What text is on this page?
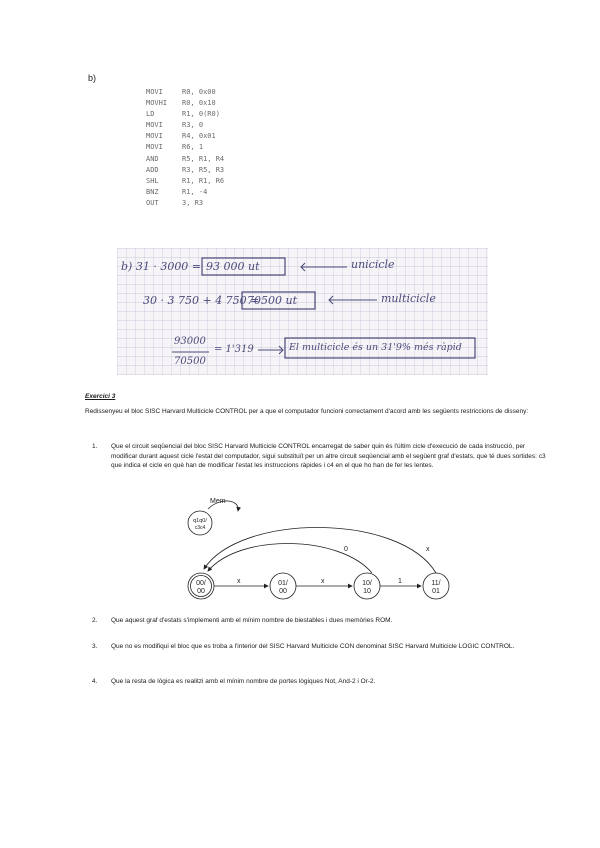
b)
MOVI	R0, 0x00
MOVHI R0, 0x10
LD	R1, 0(R0)
MOVI	R3, 0
MOVI	R4, 0x01
MOVI	R6, 1
AND	R5, R1, R4
ADD	R3, R5, R3
SHL	R1, R1, R6
BNZ	R1, -4
OUT	3, R3
b) 31 · 3000 = 93 000 ut	unicicle
30 · 3 750 + 4 750 =
70500 ut	multicicle
93000
70500
= 1'319	El multicicle és un 31'9% més ràpid
Exercici 3
Redissenyeu el bloc SISC Harvard Multicicle CONTROL per a que el computador funcioni correctament d'acord amb les següents restriccions de disseny:
1. Que el circuit seqüencial del bloc SISC Harvard Multicicle CONTROL encarregat de saber quin és l'últim cicle d'execució de cada instrucció, per modificar durant aquest cicle l'estat del computador, sigui substituït per un altre circuit seqüencial amb el següent graf d'estats, que té dues sortides: c3 que indica el cicle en què han de modificar l'estat les instruccions ràpides i c4 en el que ho han de fer les lentes.
Mem
q1q0/
c3c4
0	x
00/
00
01/
00
10/
10
11/
01
x	x	1
2. Que aquest graf d'estats s'implementi amb el mínim nombre de biestables i dues memòries ROM.
3. Que no es modifiqui el bloc que es troba a l'interior del SISC Harvard Multicicle CON denominat SISC Harvard Multicicle LOGIC CONTROL.
4. Que la resta de lògica es realitzi amb el mínim nombre de portes lògiques Not, And-2 i Or-2.
